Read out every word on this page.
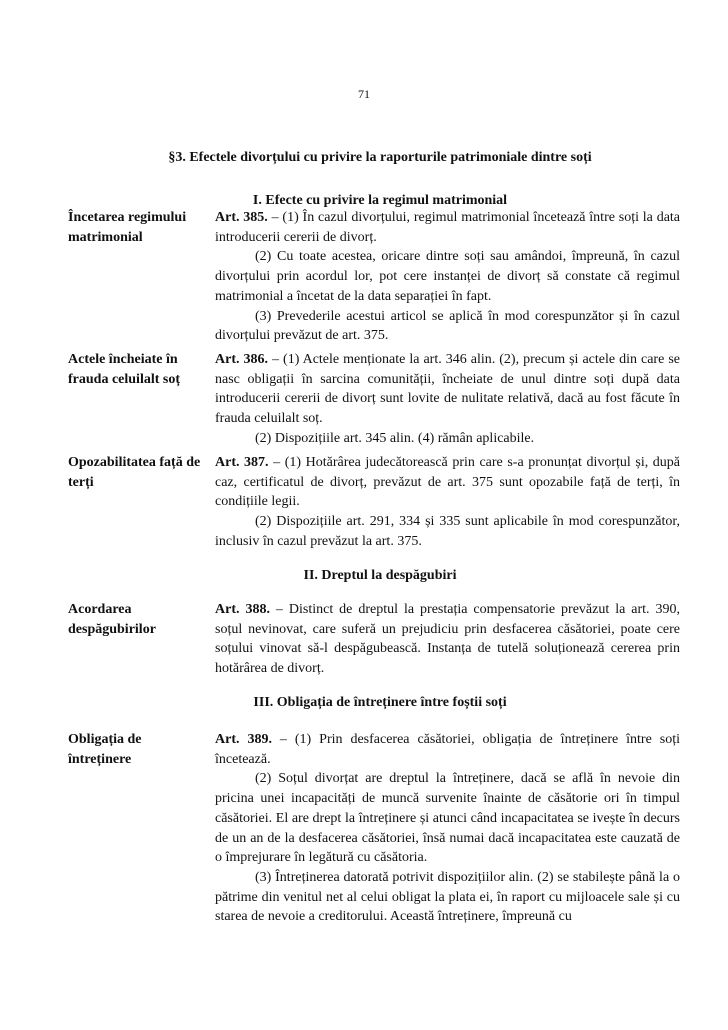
71
§3. Efectele divorțului cu privire la raporturile patrimoniale dintre soți
I. Efecte cu privire la regimul matrimonial
Încetarea regimului matrimonial

Art. 385. – (1) În cazul divorțului, regimul matrimonial încetează între soți la data introducerii cererii de divorț.

(2) Cu toate acestea, oricare dintre soți sau amândoi, împreună, în cazul divorțului prin acordul lor, pot cere instanței de divorț să constate că regimul matrimonial a încetat de la data separației în fapt.

(3) Prevederile acestui articol se aplică în mod corespunzător și în cazul divorțului prevăzut de art. 375.

Actele încheiate în frauda celuilalt soț

Art. 386. – (1) Actele menționate la art. 346 alin. (2), precum și actele din care se nasc obligații în sarcina comunității, încheiate de unul dintre soți după data introducerii cererii de divorț sunt lovite de nulitate relativă, dacă au fost făcute în frauda celuilalt soț.

(2) Dispozițiile art. 345 alin. (4) rămân aplicabile.

Opozabilitatea față de terți

Art. 387. – (1) Hotărârea judecătorească prin care s-a pronunțat divorțul și, după caz, certificatul de divorț, prevăzut de art. 375 sunt opozabile față de terți, în condițiile legii.

(2) Dispozițiile art. 291, 334 și 335 sunt aplicabile în mod corespunzător, inclusiv în cazul prevăzut la art. 375.

II. Dreptul la despăgubiri
Acordarea despăgubirilor

Art. 388. – Distinct de dreptul la prestația compensatorie prevăzut la art. 390, soțul nevinovat, care suferă un prejudiciu prin desfacerea căsătoriei, poate cere soțului vinovat să-l despăgubească. Instanța de tutelă soluționează cererea prin hotărârea de divorț.

III. Obligația de întreținere între foștii soți
Obligația de întreținere

Art. 389. – (1) Prin desfacerea căsătoriei, obligația de întreținere între soți încetează.

(2) Soțul divorțat are dreptul la întreținere, dacă se află în nevoie din pricina unei incapacități de muncă survenite înainte de căsătorie ori în timpul căsătoriei. El are drept la întreținere și atunci când incapacitatea se ivește în decurs de un an de la desfacerea căsătoriei, însă numai dacă incapacitatea este cauzată de o împrejurare în legătură cu căsătoria.

(3) Întreținerea datorată potrivit dispozițiilor alin. (2) se stabilește până la o pătrime din venitul net al celui obligat la plata ei, în raport cu mijloacele sale și cu starea de nevoie a creditorului. Această întreținere, împreună cu
